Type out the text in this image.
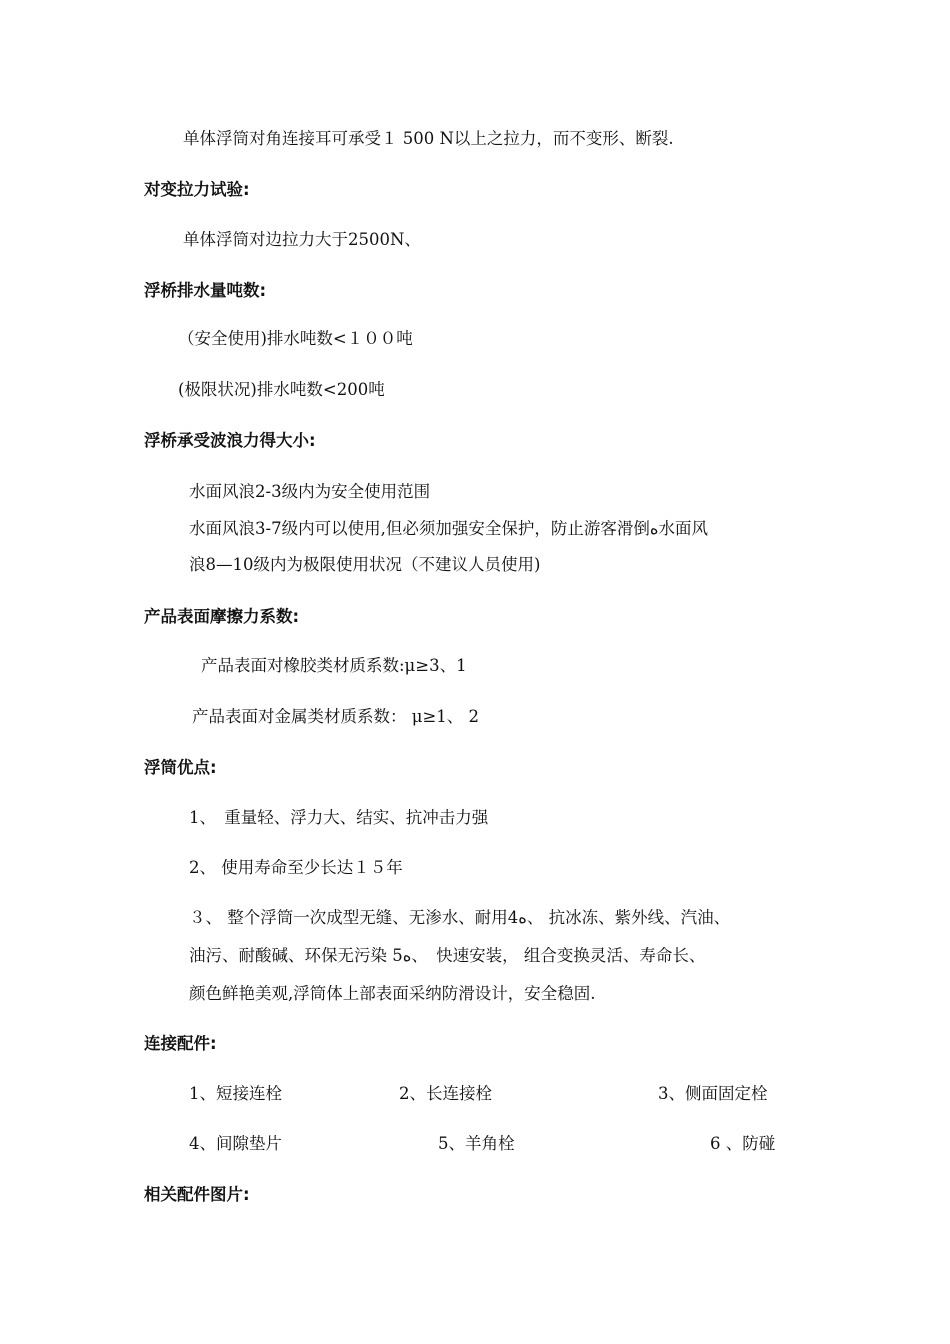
单体浮筒对角连接耳可承受１ 500 N以上之拉力，而不变形、断裂.
对变拉力试验:
单体浮筒对边拉力大于2500N、
浮桥排水量吨数:
（安全使用)排水吨数<１００吨
(极限状况)排水吨数<200吨
浮桥承受波浪力得大小:
水面风浪2-3级内为安全使用范围
水面风浪3-7级内可以使用,但必须加强安全保护，防止游客滑倒ه水面风
浪8—10级内为极限使用状况（不建议人员使用)
产品表面摩擦力系数:
产品表面对橡胶类材质系数:μ≥3、1
产品表面对金属类材质系数： μ≥1、 2
浮筒优点:
1、　重量轻、浮力大、结实、抗冲击力强
2、 使用寿命至少长达１５年
３、 整个浮筒一次成型无缝、无渗水、耐用4ه、 抗冰冻、紫外线、汽油、
油污、耐酸碱、环保无污染 5ه、　快速安装， 组合变换灵活、寿命长、
颜色鲜艳美观,浮筒体上部表面采纳防滑设计，安全稳固.
连接配件:
1、短接连栓	2、长连接栓	3、侧面固定栓
4、间隙垫片	5、羊角栓	6 、防碰
相关配件图片:
